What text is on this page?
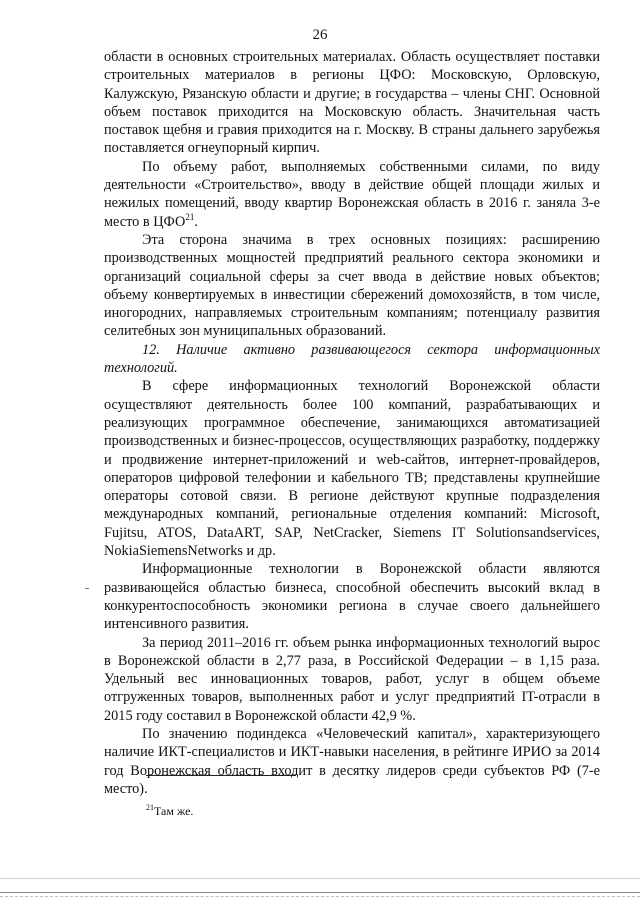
26

области в основных строительных материалах. Область осуществляет поставки строительных материалов в регионы ЦФО: Московскую, Орловскую, Калужскую, Рязанскую области и другие; в государства – члены СНГ. Основной объем поставок приходится на Московскую область. Значительная часть поставок щебня и гравия приходится на г. Москву. В страны дальнего зарубежья поставляется огнеупорный кирпич.

По объему работ, выполняемых собственными силами, по виду деятельности «Строительство», вводу в действие общей площади жилых и нежилых помещений, вводу квартир Воронежская область в 2016 г. заняла 3-е место в ЦФО$^{21}$.

Эта сторона значима в трех основных позициях: расширению производственных мощностей предприятий реального сектора экономики и организаций социальной сферы за счет ввода в действие новых объектов; объему конвертируемых в инвестиции сбережений домохозяйств, в том числе, иногородних, направляемых строительным компаниям; потенциалу развития селитебных зон муниципальных образований.

12. Наличие активно развивающегося сектора информационных технологий.

В сфере информационных технологий Воронежской области осуществляют деятельность более 100 компаний, разрабатывающих и реализующих программное обеспечение, занимающихся автоматизацией производственных и бизнес-процессов, осуществляющих разработку, поддержку и продвижение интернет-приложений и web-сайтов, интернет-провайдеров, операторов цифровой телефонии и кабельного ТВ; представлены крупнейшие операторы сотовой связи. В регионе действуют крупные подразделения международных компаний, региональные отделения компаний: Microsoft, Fujitsu, ATOS, DataART, SAP, NetCracker, Siemens IT Solutionsandservices, NokiaSiemensNetworks и др.

Информационные технологии в Воронежской области являются развивающейся областью бизнеса, способной обеспечить высокий вклад в конкурентоспособность экономики региона в случае своего дальнейшего интенсивного развития.

За период 2011–2016 гг. объем рынка информационных технологий вырос в Воронежской области в 2,77 раза, в Российской Федерации – в 1,15 раза. Удельный вес инновационных товаров, работ, услуг в общем объеме отгруженных товаров, выполненных работ и услуг предприятий IT-отрасли в 2015 году составил в Воронежской области 42,9 %.

По значению подиндекса «Человеческий капитал», характеризующего наличие ИКТ-специалистов и ИКТ-навыки населения, в рейтинге ИРИО за 2014 год Воронежская область входит в десятку лидеров среди субъектов РФ (7-е место).

$^{21}$Там же.
